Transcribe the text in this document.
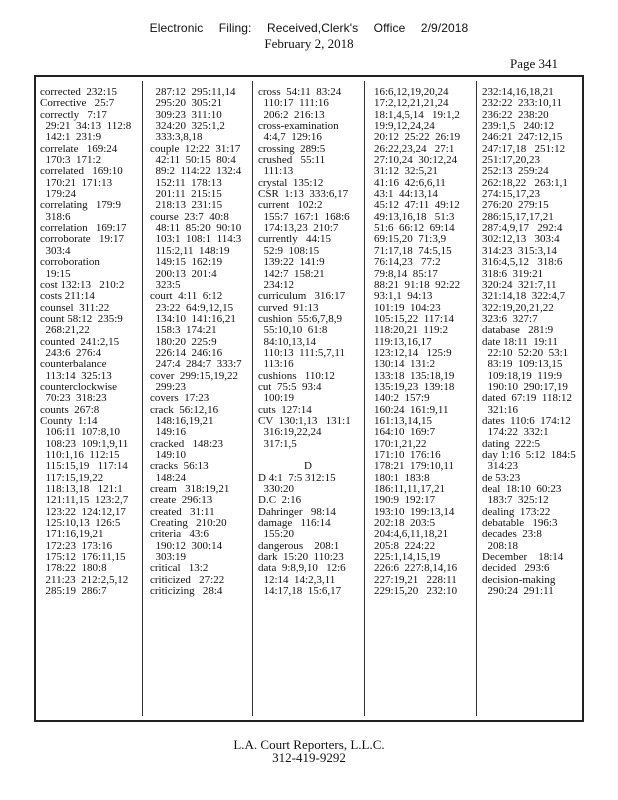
Electronic Filing: Received,Clerk's Office 2/9/2018
February 2, 2018
Page 341
corrected  232:15
Corrective   25:7
correctly   7:17
29:21  34:13  112:8
142:1  231:9
correlate   169:24
170:3  171:2
correlated   169:10
170:21  171:13
179:24
correlating   179:9
318:6
correlation   169:17
corroborate   19:17
303:4
corroboration
19:15
cost 132:13   210:2
costs 211:14
counsel  311:22
count 58:12  235:9
268:21,22
counted  241:2,15
243:6  276:4
counterbalance
113:14  325:13
counterclockwise
70:23  318:23
counts  267:8
County  1:14
106:11  107:8,10
108:23  109:1,9,11
110:1,16  112:15
115:15,19   117:14
117:15,19,22
118:13,18   121:1
121:11,15  123:2,7
123:22  124:12,17
125:10,13  126:5
171:16,19,21
172:23  173:16
175:12  176:11,15
178:22  180:8
211:23  212:2,5,12
285:19  286:7
287:12  295:11,14
295:20  305:21
309:23  311:10
324:20  325:1,2
333:3,8,18
couple  12:22  31:17
42:11  50:15  80:4
89:2  114:22  132:4
152:11  178:13
201:11  215:15
218:13  231:15
course  23:7  40:8
48:11  85:20  90:10
103:1  108:1  114:3
115:2,11  148:19
149:15  162:19
200:13  201:4
323:5
court  4:11  6:12
23:22  64:9,12,15
134:10  141:16,21
158:3  174:21
180:20  225:9
226:14  246:16
247:4  284:7  333:7
cover  299:15,19,22
299:23
covers  17:23
crack  56:12,16
148:16,19,21
149:16
cracked   148:23
149:10
cracks  56:13
148:24
cream   318:19,21
create  296:13
created   31:11
Creating   210:20
criteria   43:6
190:12  300:14
303:19
critical   13:2
criticized   27:22
criticizing   28:4
cross  54:11  83:24
110:17  111:16
206:2  216:13
cross-examination
4:4,7  129:16
crossing  289:5
crushed   55:11
111:13
crystal  135:12
CSR  1:13  333:6,17
current   102:2
155:7  167:1  168:6
174:13,23  210:7
currently   44:15
52:9  108:15
139:22  141:9
142:7  158:21
234:12
curriculum   316:17
curved  91:13
cushion  55:6,7,8,9
55:10,10  61:8
84:10,13,14
110:13  111:5,7,11
113:16
cushions   110:12
cut  75:5  93:4
100:19
cuts  127:14
CV  130:1,13   131:1
316:19,22,24
317:1,5
D
D 4:1  7:5 312:15
330:20
D.C  2:16
Dahringer   98:14
damage   116:14
155:20
dangerous    208:1
dark  15:20  110:23
data  9:8,9,10   12:6
12:14  14:2,3,11
14:17,18  15:6,17
16:6,12,19,20,24
17:2,12,21,21,24
18:1,4,5,14   19:1,2
19:9,12,24,24
20:12  25:22  26:19
26:22,23,24   27:1
27:10,24  30:12,24
31:12  32:5,21
41:16  42:6,6,11
43:1  44:13,14
45:12  47:11  49:12
49:13,16,18   51:3
51:6  66:12  69:14
69:15,20  71:3,9
71:17,18  74:5,15
76:14,23   77:2
79:8,14  85:17
88:21  91:18  92:22
93:1,1  94:13
101:19  104:23
105:15,22  117:14
118:20,21  119:2
119:13,16,17
123:12,14   125:9
130:14  131:2
133:18  135:18,19
135:19,23  139:18
140:2  157:9
160:24  161:9,11
161:13,14,15
164:10  169:7
170:1,21,22
171:10  176:16
178:21  179:10,11
180:1  183:8
186:11,11,17,21
190:9  192:17
193:10  199:13,14
202:18  203:5
204:4,6,11,18,21
205:8  224:22
225:1,14,15,19
226:6  227:8,14,16
227:19,21   228:11
229:15,20   232:10
232:14,16,18,21
232:22  233:10,11
236:22  238:20
239:1,5   240:12
246:21  247:12,15
247:17,18   251:12
251:17,20,23
252:13  259:24
262:18,22   263:1,1
274:15,17,23
276:20  279:15
286:15,17,17,21
287:4,9,17   292:4
302:12,13   303:4
314:23  315:3,14
316:4,5,12   318:6
318:6  319:21
320:24  321:7,11
321:14,18  322:4,7
322:19,20,21,22
323:6  327:7
database   281:9
date 18:11  19:11
22:10  52:20  53:1
83:19  109:13,15
109:18,19  119:9
190:10  290:17,19
dated  67:19  118:12
321:16
dates  110:6  174:12
174:22  332:1
dating  222:5
day 1:16  5:12  184:5
314:23
de 53:23
deal  18:10  60:23
183:7  325:12
dealing  173:22
debatable   196:3
decades  23:8
208:18
December    18:14
decided   293:6
decision-making
290:24  291:11
L.A. Court Reporters, L.L.C.
312-419-9292
